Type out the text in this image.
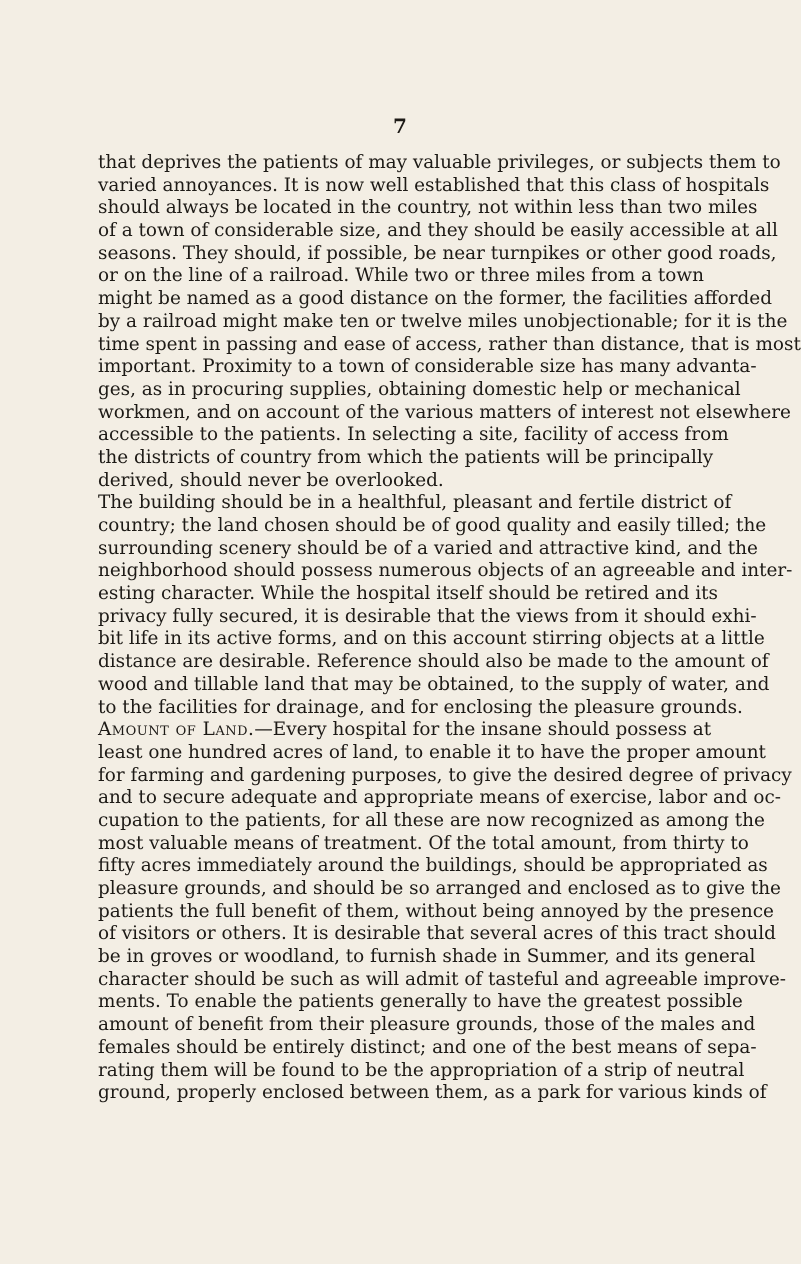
7
that deprives the patients of may valuable privileges, or subjects them to
varied annoyances. It is now well established that this class of hospitals
should always be located in the country, not within less than two miles
of a town of considerable size, and they should be easily accessible at all
seasons. They should, if possible, be near turnpikes or other good roads,
or on the line of a railroad. While two or three miles from a town
might be named as a good distance on the former, the facilities afforded
by a railroad might make ten or twelve miles unobjectionable; for it is the
time spent in passing and ease of access, rather than distance, that is most
important. Proximity to a town of considerable size has many advanta-
ges, as in procuring supplies, obtaining domestic help or mechanical
workmen, and on account of the various matters of interest not elsewhere
accessible to the patients. In selecting a site, facility of access from
the districts of country from which the patients will be principally
derived, should never be overlooked.
The building should be in a healthful, pleasant and fertile district of
country; the land chosen should be of good quality and easily tilled; the
surrounding scenery should be of a varied and attractive kind, and the
neighborhood should possess numerous objects of an agreeable and inter-
esting character. While the hospital itself should be retired and its
privacy fully secured, it is desirable that the views from it should exhi-
bit life in its active forms, and on this account stirring objects at a little
distance are desirable. Reference should also be made to the amount of
wood and tillable land that may be obtained, to the supply of water, and
to the facilities for drainage, and for enclosing the pleasure grounds.
Amount of Land.—Every hospital for the insane should possess at
least one hundred acres of land, to enable it to have the proper amount
for farming and gardening purposes, to give the desired degree of privacy
and to secure adequate and appropriate means of exercise, labor and oc-
cupation to the patients, for all these are now recognized as among the
most valuable means of treatment. Of the total amount, from thirty to
fifty acres immediately around the buildings, should be appropriated as
pleasure grounds, and should be so arranged and enclosed as to give the
patients the full benefit of them, without being annoyed by the presence
of visitors or others. It is desirable that several acres of this tract should
be in groves or woodland, to furnish shade in Summer, and its general
character should be such as will admit of tasteful and agreeable improve-
ments. To enable the patients generally to have the greatest possible
amount of benefit from their pleasure grounds, those of the males and
females should be entirely distinct; and one of the best means of sepa-
rating them will be found to be the appropriation of a strip of neutral
ground, properly enclosed between them, as a park for various kinds of
